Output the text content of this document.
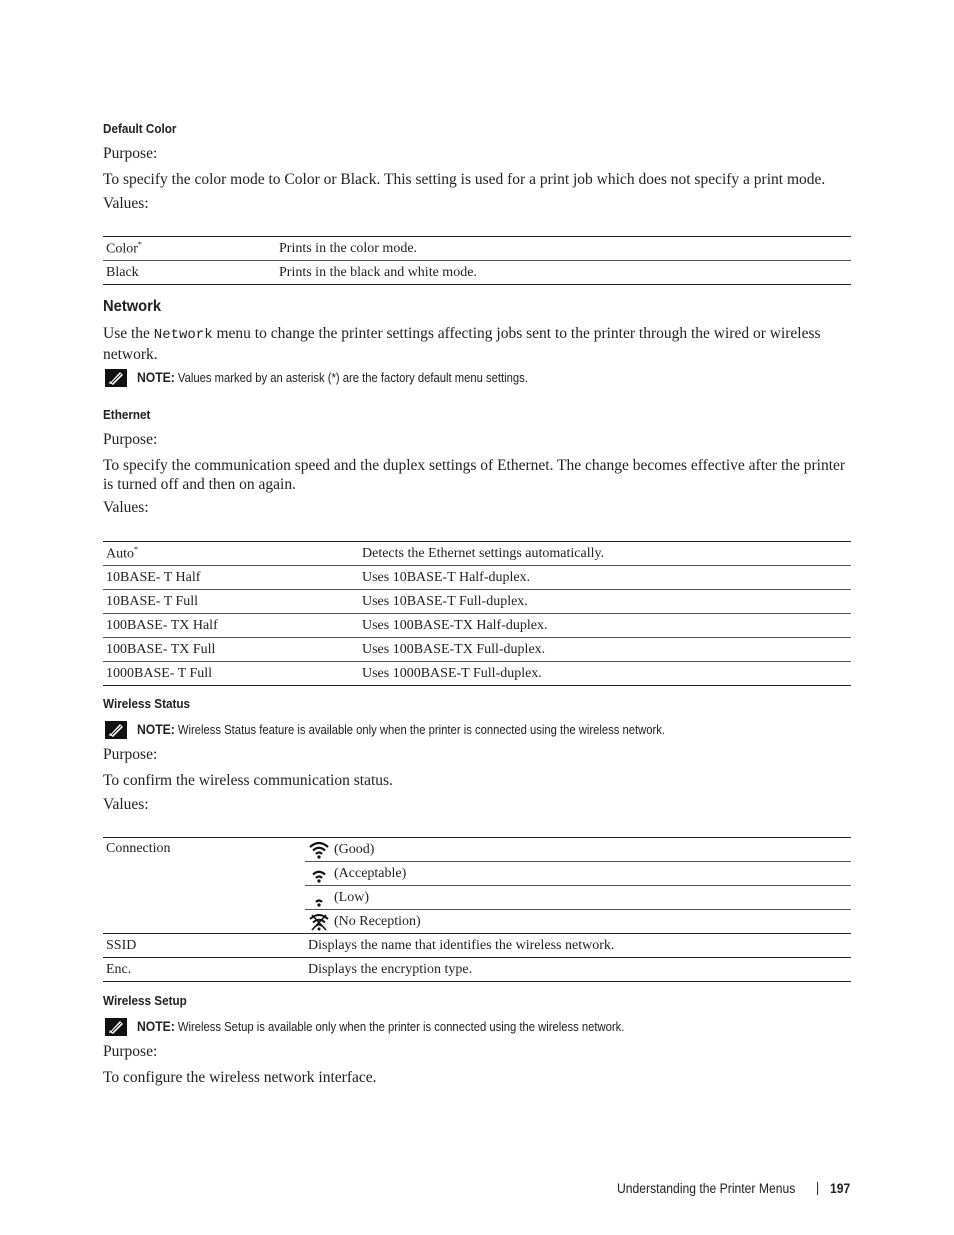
Default Color
Purpose:
To specify the color mode to Color or Black. This setting is used for a print job which does not specify a print mode.
Values:
Color*	Prints in the color mode.
Black	Prints in the black and white mode.
Network
Use the Network menu to change the printer settings affecting jobs sent to the printer through the wired or wireless network.
NOTE: Values marked by an asterisk (*) are the factory default menu settings.
Ethernet
Purpose:
To specify the communication speed and the duplex settings of Ethernet. The change becomes effective after the printer is turned off and then on again.
Values:
Auto*	Detects the Ethernet settings automatically.
10BASE- T Half	Uses 10BASE-T Half-duplex.
10BASE- T Full	Uses 10BASE-T Full-duplex.
100BASE- TX Half	Uses 100BASE-TX Half-duplex.
100BASE- TX Full	Uses 100BASE-TX Full-duplex.
1000BASE- T Full	Uses 1000BASE-T Full-duplex.
Wireless Status
NOTE: Wireless Status feature is available only when the printer is connected using the wireless network.
Purpose:
To confirm the wireless communication status.
Values:
Connection	(Good)
	(Acceptable)
	(Low)
	(No Reception)
SSID	Displays the name that identifies the wireless network.
Enc.	Displays the encryption type.
Wireless Setup
NOTE: Wireless Setup is available only when the printer is connected using the wireless network.
Purpose:
To configure the wireless network interface.
Understanding the Printer Menus | 197
